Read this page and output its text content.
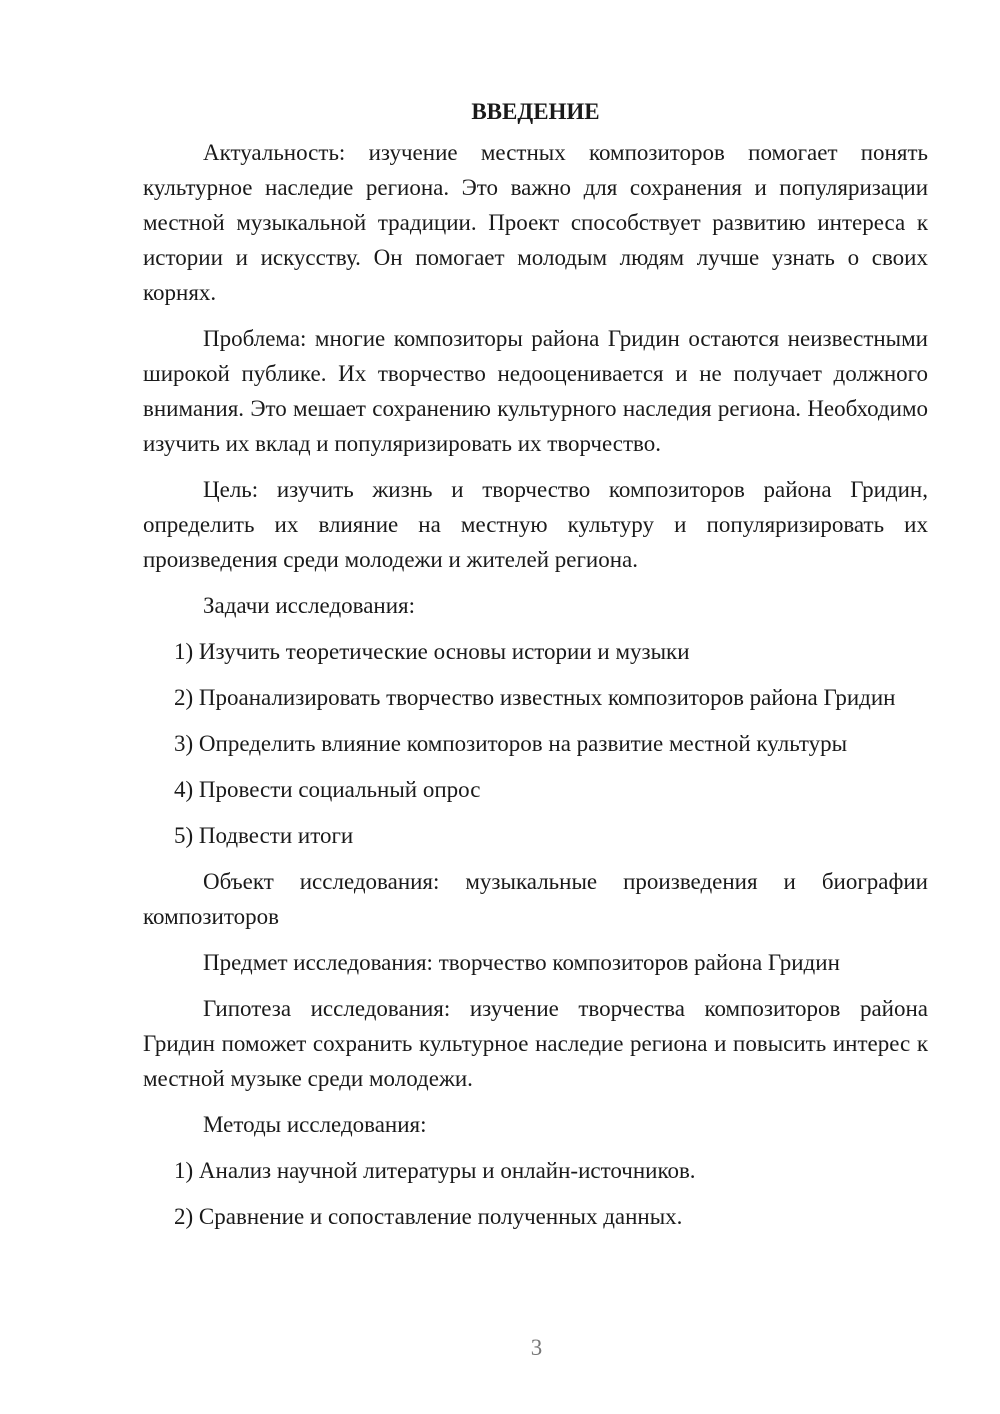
ВВЕДЕНИЕ

Актуальность: изучение местных композиторов помогает понять культурное наследие региона. Это важно для сохранения и популяризации местной музыкальной традиции. Проект способствует развитию интереса к истории и искусству. Он помогает молодым людям лучше узнать о своих корнях.

Проблема: многие композиторы района Гридин остаются неизвестными широкой публике. Их творчество недооценивается и не получает должного внимания. Это мешает сохранению культурного наследия региона. Необходимо изучить их вклад и популяризировать их творчество.

Цель: изучить жизнь и творчество композиторов района Гридин, определить их влияние на местную культуру и популяризировать их произведения среди молодежи и жителей региона.

Задачи исследования:

1) Изучить теоретические основы истории и музыки

2) Проанализировать творчество известных композиторов района Гридин

3) Определить влияние композиторов на развитие местной культуры

4) Провести социальный опрос

5) Подвести итоги

Объект исследования: музыкальные произведения и биографии композиторов

Предмет исследования: творчество композиторов района Гридин

Гипотеза исследования: изучение творчества композиторов района Гридин поможет сохранить культурное наследие региона и повысить интерес к местной музыке среди молодежи.

Методы исследования:

1) Анализ научной литературы и онлайн-источников.

2) Сравнение и сопоставление полученных данных.

3
